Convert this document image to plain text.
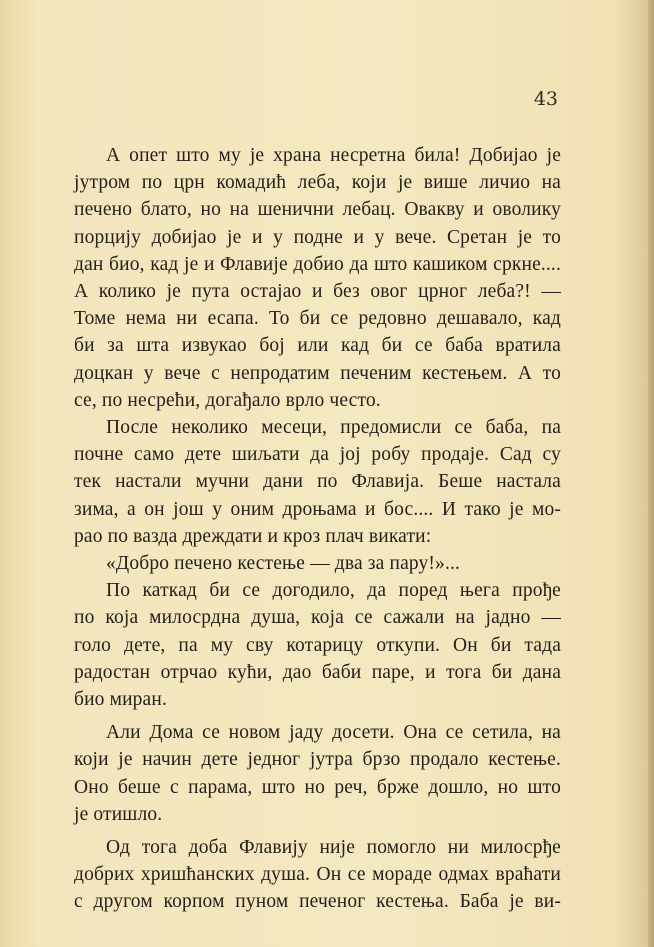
43
А опет што му је храна несретна била! Добијао је
јутром по црн комадић леба, који је више личио на
печено блато, но на шенични лебац. Овакву и оволику
порцију добијао је и у подне и у вече. Сретан је то
дан био, кад је и Флавије добио да што кашиком сркне....
А колико је пута остајао и без овог црног леба?! —
Томе нема ни есапа. То би се редовно дешавало, кад
би за шта извукао бој или кад би се баба вратила
доцкан у вече с непродатим печеним кестењем. А то
се, по несрећи, догађало врло често.
После неколико месеци, предомисли се баба, па
почне само дете шиљати да јој робу продаје. Сад су
тек настали мучни дани по Флавија. Беше настала
зима, а он још у оним дроњама и бос.... И тако је мо-
рао по вазда дреждати и кроз плач викати:
«Добро печено кестење — два за пару!»...
По каткад би се догодило, да поред њега прође
по која милосрдна душа, која се сажали на јадно —
голо дете, па му сву котарицу откупи. Он би тада
радостан отрчао кући, дао баби паре, и тога би дана
био миран.
Али Дома се новом јаду досети. Она се сетила, на
који је начин дете једног јутра брзо продало кестење.
Оно беше с парама, што но реч, брже дошло, но што
је отишло.
Од тога доба Флавију није помогло ни милосрђе
добрих хришћанских душа. Он се мораде одмах враћати
с другом корпом пуном печеног кестења. Баба је ви-
